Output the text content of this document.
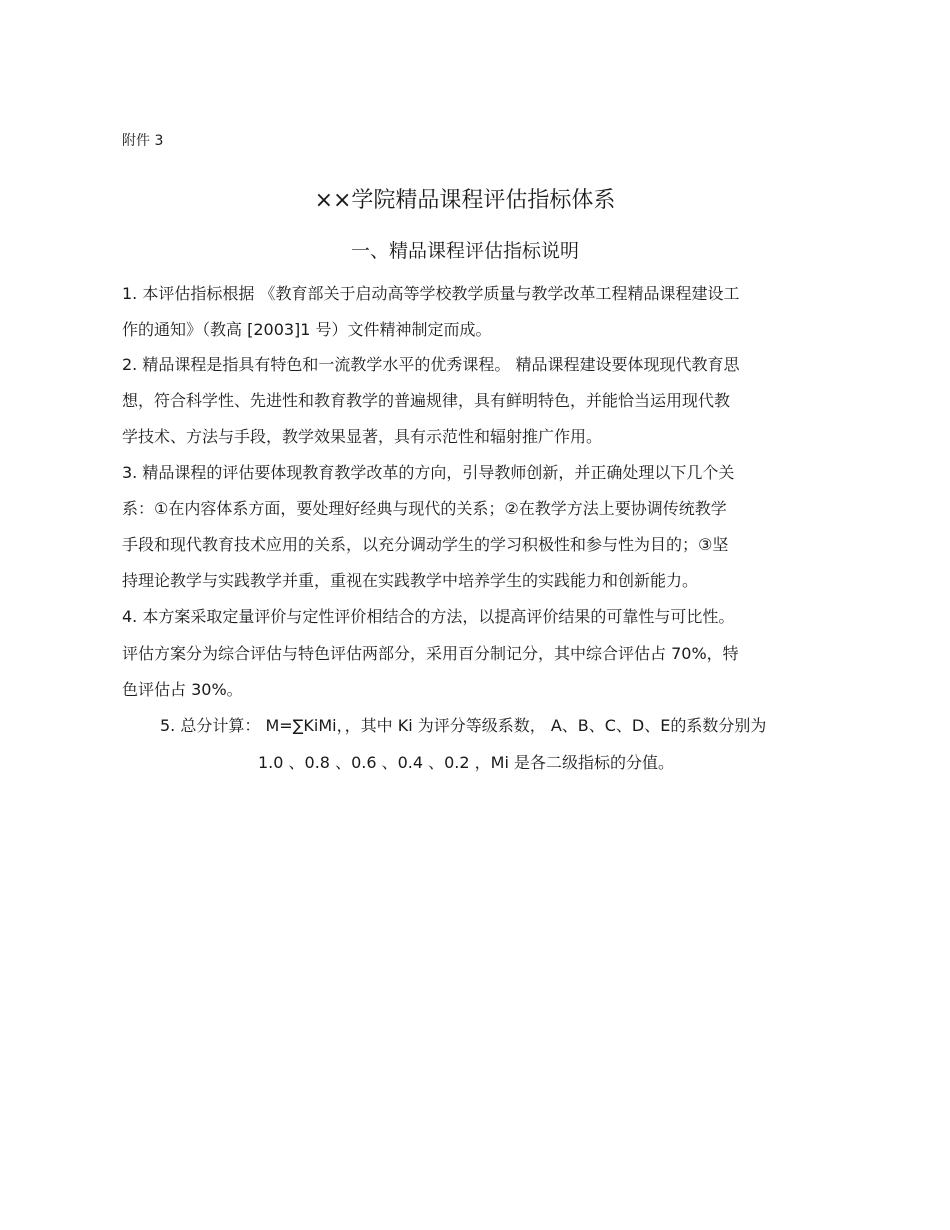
附件 3
××学院精品课程评估指标体系
一、精品课程评估指标说明
1. 本评估指标根据 《教育部关于启动高等学校教学质量与教学改革工程精品课程建设工
作的通知》（教高 [2003]1 号）文件精神制定而成。
2. 精品课程是指具有特色和一流教学水平的优秀课程。 精品课程建设要体现现代教育思
想，符合科学性、先进性和教育教学的普遍规律，具有鲜明特色，并能恰当运用现代教
学技术、方法与手段，教学效果显著，具有示范性和辐射推广作用。
3. 精品课程的评估要体现教育教学改革的方向，引导教师创新，并正确处理以下几个关
系：①在内容体系方面，要处理好经典与现代的关系；②在教学方法上要协调传统教学
手段和现代教育技术应用的关系，以充分调动学生的学习积极性和参与性为目的；③坚
持理论教学与实践教学并重，重视在实践教学中培养学生的实践能力和创新能力。
4. 本方案采取定量评价与定性评价相结合的方法，以提高评价结果的可靠性与可比性。
评估方案分为综合评估与特色评估两部分，采用百分制记分，其中综合评估占 70%，特
色评估占 30%。
5. 总分计算： M=∑KiMi，，其中 Ki 为评分等级系数， A、B、C、D、E的系数分别为
1.0 、0.8 、0.6 、0.4 、0.2 ，Mi 是各二级指标的分值。
